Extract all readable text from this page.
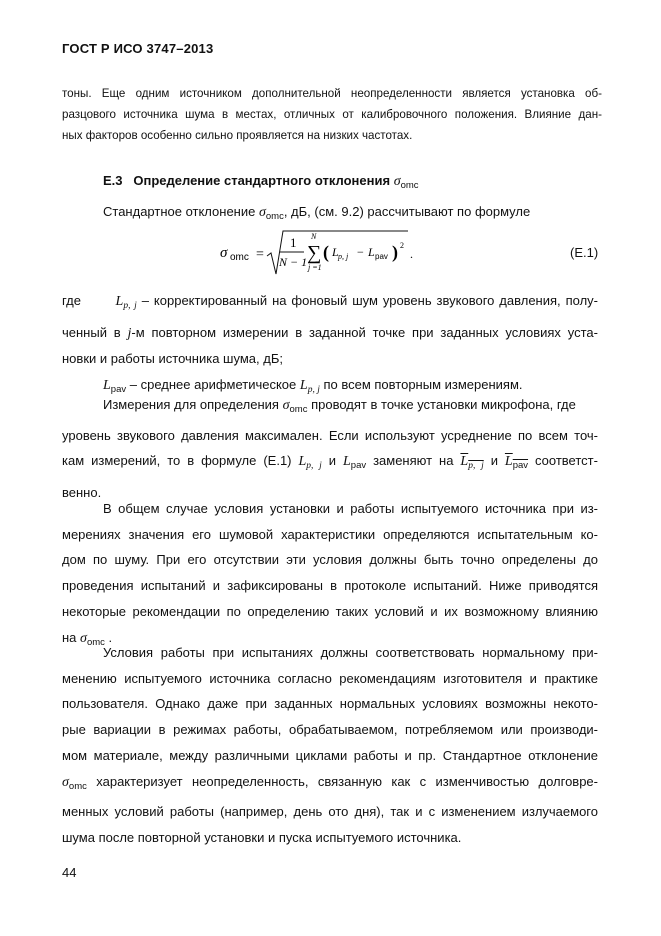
ГОСТ Р ИСО 3747–2013
тоны. Еще одним источником дополнительной неопределенности является установка об-
разцового источника шума в местах, отличных от калибровочного положения. Влияние дан-
ных факторов особенно сильно проявляется на низких частотах.
Е.3 Определение стандартного отклонения $\sigma_{omc}$
Стандартное отклонение $\sigma_{omc}$, дБ, (см. 9.2) рассчитывают по формуле
σ omc =
1
N − 1
N
∑
j =1
( L p, j − L pav ) 2
.	(Е.1)
где $L_{p, j}$ – корректированный на фоновый шум уровень звукового давления, полу-
ченный в j-м повторном измерении в заданной точке при заданных условиях уста-
новки и работы источника шума, дБ;
$L_{pav}$ – среднее арифметическое $L_{p, j}$ по всем повторным измерениям.
Измерения для определения $\sigma_{omc}$ проводят в точке установки микрофона, где
уровень звукового давления максимален. Если используют усреднение по всем точ-
кам измерений, то в формуле (Е.1) $L_{p, j}$ и $L_{pav}$ заменяют на $L_{p, j}$ и $L_{pav}$ соответст-
венно.
В общем случае условия установки и работы испытуемого источника при из-
мерениях значения его шумовой характеристики определяются испытательным ко-
дом по шуму. При его отсутствии эти условия должны быть точно определены до
проведения испытаний и зафиксированы в протоколе испытаний. Ниже приводятся
некоторые рекомендации по определению таких условий и их возможному влиянию
на $\sigma_{omc}$ .
Условия работы при испытаниях должны соответствовать нормальному при-
менению испытуемого источника согласно рекомендациям изготовителя и практике
пользователя. Однако даже при заданных нормальных условиях возможны некото-
рые вариации в режимах работы, обрабатываемом, потребляемом или производи-
мом материале, между различными циклами работы и пр. Стандартное отклонение
$\sigma_{omc}$ характеризует неопределенность, связанную как с изменчивостью долговре-
менных условий работы (например, день ото дня), так и с изменением излучаемого
шума после повторной установки и пуска испытуемого источника.
44
